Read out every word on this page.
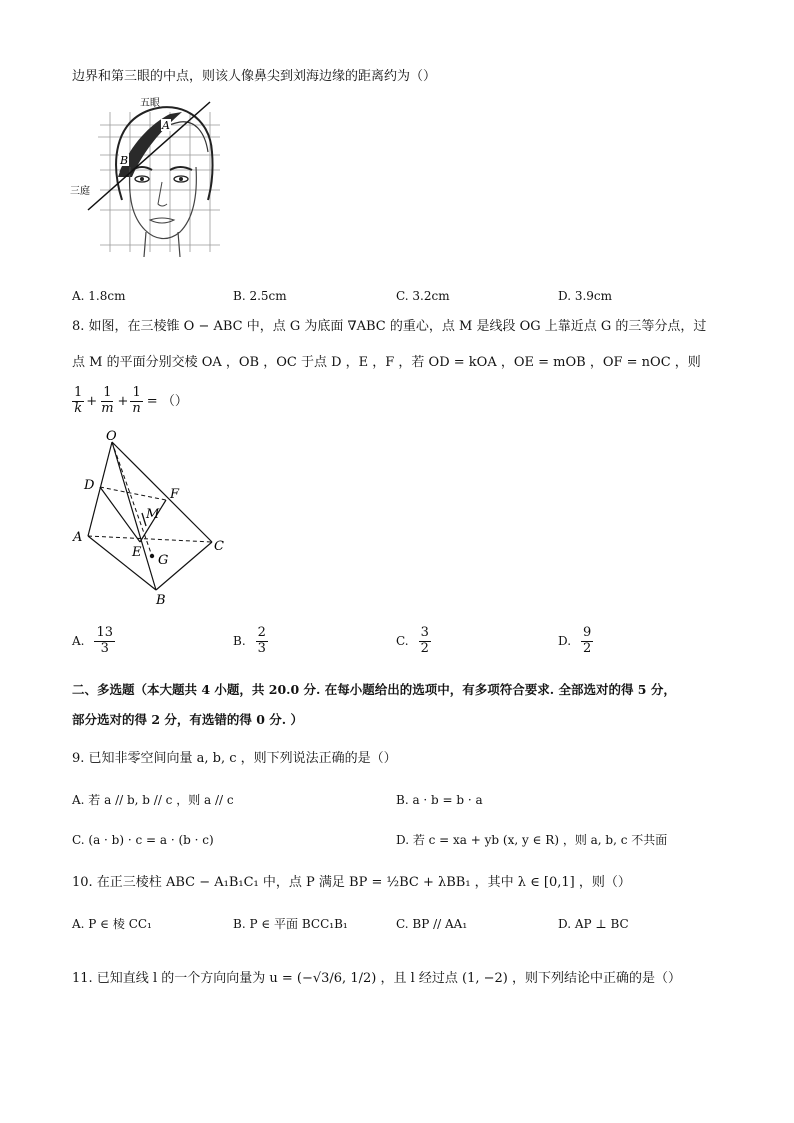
边界和第三眼的中点，则该人像鼻尖到刘海边缘的距离约为（）
A
B
五眼
三庭
A. 1.8cm	B. 2.5cm	C. 3.2cm	D. 3.9cm
8. 如图，在三棱锥 O − ABC 中，点 G 为底面 ∇ABC 的重心，点 M 是线段 OG 上靠近点 G 的三等分点，过
点 M 的平面分别交棱 OA ，OB ，OC 于点 D ，E ，F ，若 OD = kOA ，OE = mOB ，OF = nOC ，则
$\frac{1}{k} + \frac{1}{m} + \frac{1}{n}$ = （）
O
D
F
M
A
E	C
G
B
A. $\frac{13}{3}$	B. $\frac{2}{3}$	C. $\frac{3}{2}$	D. $\frac{9}{2}$
二、多选题（本大题共 4 小题，共 20.0 分. 在每小题给出的选项中，有多项符合要求. 全部选对的得 5 分，
部分选对的得 2 分，有选错的得 0 分. ）
9. 已知非零空间向量 a, b, c ，则下列说法正确的是（）
A. 若 a // b, b // c ，则 a // c	B. a · b = b · a
C. (a · b) · c = a · (b · c)	D. 若 c = xa + yb (x, y ∈ R) ，则 a, b, c 不共面
10. 在正三棱柱 ABC − A₁B₁C₁ 中，点 P 满足 BP = ½BC + λBB₁ ，其中 λ ∈ [0,1] ，则（）
A. P ∈ 棱 CC₁	B. P ∈ 平面 BCC₁B₁	C. BP // AA₁	D. AP ⊥ BC
11. 已知直线 l 的一个方向向量为 u = (−√3/6, 1/2) ，且 l 经过点 (1, −2) ，则下列结论中正确的是（）
